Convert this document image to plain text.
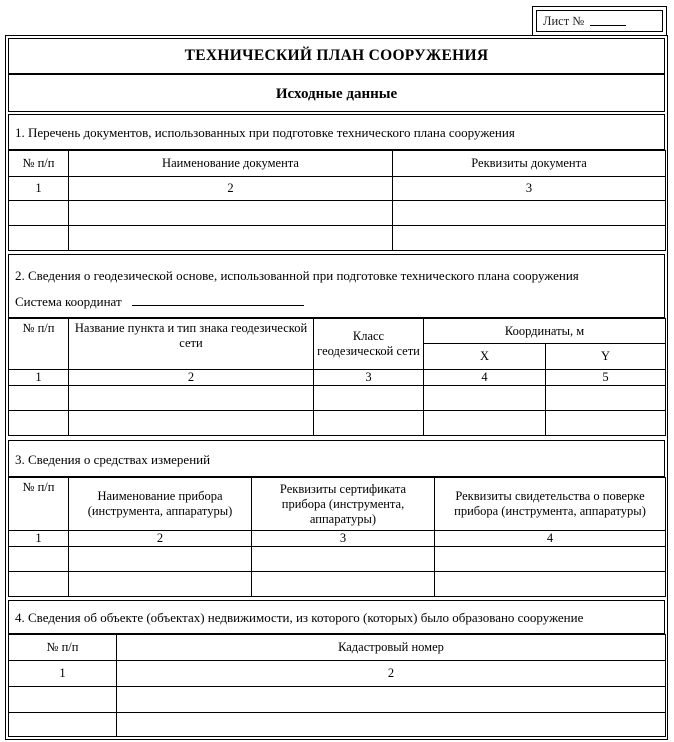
Лист №
ТЕХНИЧЕСКИЙ ПЛАН СООРУЖЕНИЯ
Исходные данные
1. Перечень документов, использованных при подготовке технического плана сооружения
№ п/п	Наименование документа	Реквизиты документа
1	2	3

2. Сведения о геодезической основе, использованной при подготовке технического плана сооружения
Система координат
№ п/п	Название пункта и тип знака геодезической сети	Класс геодезической сети	Координаты, м	
			X	Y
1	2	3	4	5

3. Сведения о средствах измерений
№ п/п	Наименование прибора (инструмента, аппаратуры)	Реквизиты сертификата прибора (инструмента, аппаратуры)	Реквизиты свидетельства о поверке прибора (инструмента, аппаратуры)
1	2	3	4

4. Сведения об объекте (объектах) недвижимости, из которого (которых) было образовано сооружение
№ п/п	Кадастровый номер
1	2
